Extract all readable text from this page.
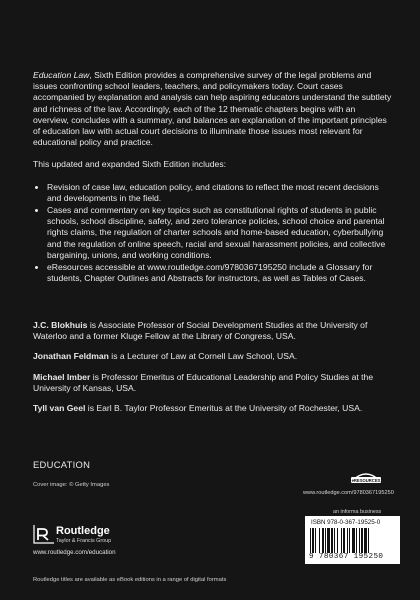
Education Law, Sixth Edition provides a comprehensive survey of the legal problems and issues confronting school leaders, teachers, and policymakers today. Court cases accompanied by explanation and analysis can help aspiring educators understand the subtlety and richness of the law. Accordingly, each of the 12 thematic chapters begins with an overview, concludes with a summary, and balances an explanation of the important principles of education law with actual court decisions to illuminate those issues most relevant for educational policy and practice.

This updated and expanded Sixth Edition includes:

• Revision of case law, education policy, and citations to reflect the most recent decisions and developments in the field.
• Cases and commentary on key topics such as constitutional rights of students in public schools, school discipline, safety, and zero tolerance policies, school choice and parental rights claims, the regulation of charter schools and home-based education, cyberbullying and the regulation of online speech, racial and sexual harassment policies, and collective bargaining, unions, and working conditions.
• eResources accessible at www.routledge.com/9780367195250 include a Glossary for students, Chapter Outlines and Abstracts for instructors, as well as Tables of Cases.

J.C. Blokhuis is Associate Professor of Social Development Studies at the University of Waterloo and a former Kluge Fellow at the Library of Congress, USA.

Jonathan Feldman is a Lecturer of Law at Cornell Law School, USA.

Michael Imber is Professor Emeritus of Educational Leadership and Policy Studies at the University of Kansas, USA.

Tyll van Geel is Earl B. Taylor Professor Emeritus at the University of Rochester, USA.

EDUCATION
Cover image: © Getty Images
eRESOURCES
www.routledge.com/9780367195250
Routledge
Taylor & Francis Group
www.routledge.com/education
an informa business
ISBN 978-0-367-19525-0
9 780367 195250
Routledge titles are available as eBook editions in a range of digital formats
